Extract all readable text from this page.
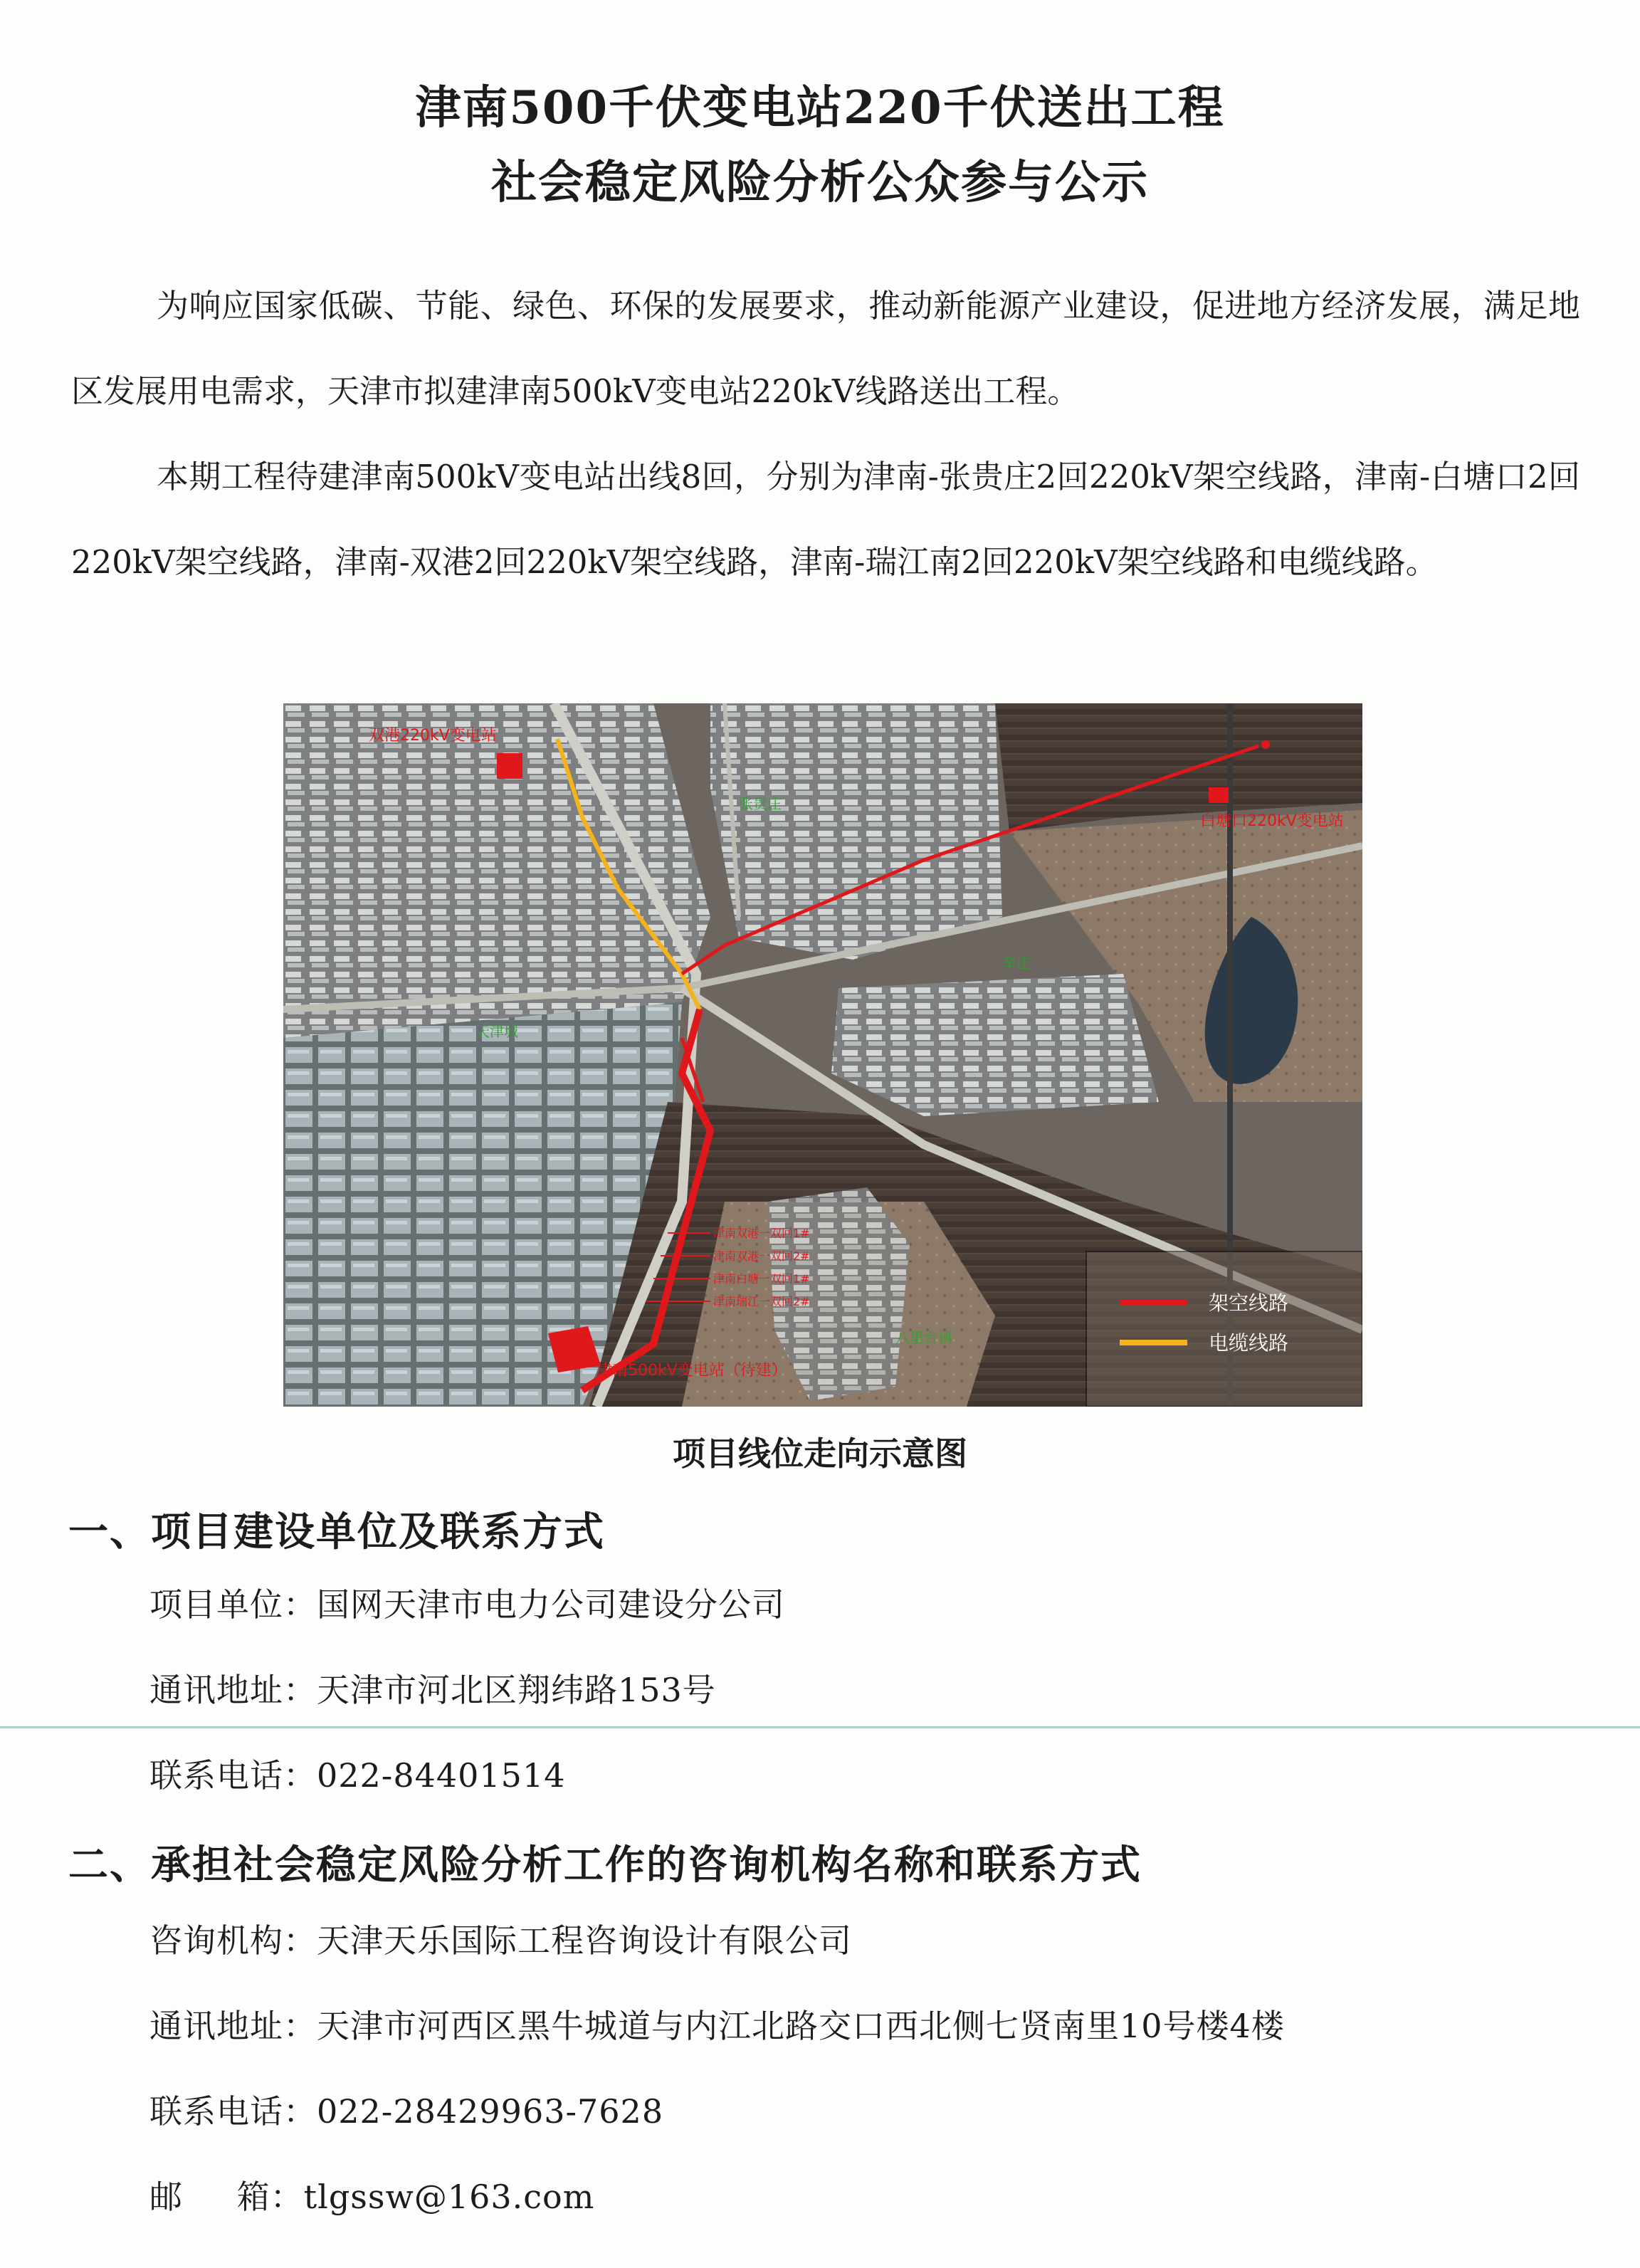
津南500千伏变电站220千伏送出工程
社会稳定风险分析公众参与公示

为响应国家低碳、节能、绿色、环保的发展要求，推动新能源产业建设，促进地方经济发展，满足地区发展用电需求，天津市拟建津南500kV变电站220kV线路送出工程。

本期工程待建津南500kV变电站出线8回，分别为津南-张贵庄2回220kV架空线路，津南-白塘口2回220kV架空线路，津南-双港2回220kV架空线路，津南-瑞江南2回220kV架空线路和电缆线路。

双港220kV变电站
白塘口220kV变电站
津南500kV变电站（待建）
张贵庄
天津城
辛庄
八里台镇
津南双港一双回1#
津南双港一双回2#
津南白塘一双回1#
津南瑞江一双回2#	架空线路
电缆线路
项目线位走向示意图
一、项目建设单位及联系方式
项目单位：国网天津市电力公司建设分公司
通讯地址：天津市河北区翔纬路153号
联系电话：022-84401514
二、承担社会稳定风险分析工作的咨询机构名称和联系方式
咨询机构：天津天乐国际工程咨询设计有限公司
通讯地址：天津市河西区黑牛城道与内江北路交口西北侧七贤南里10号楼4楼
联系电话：022-28429963-7628
邮 箱：tlgssw@163.com
